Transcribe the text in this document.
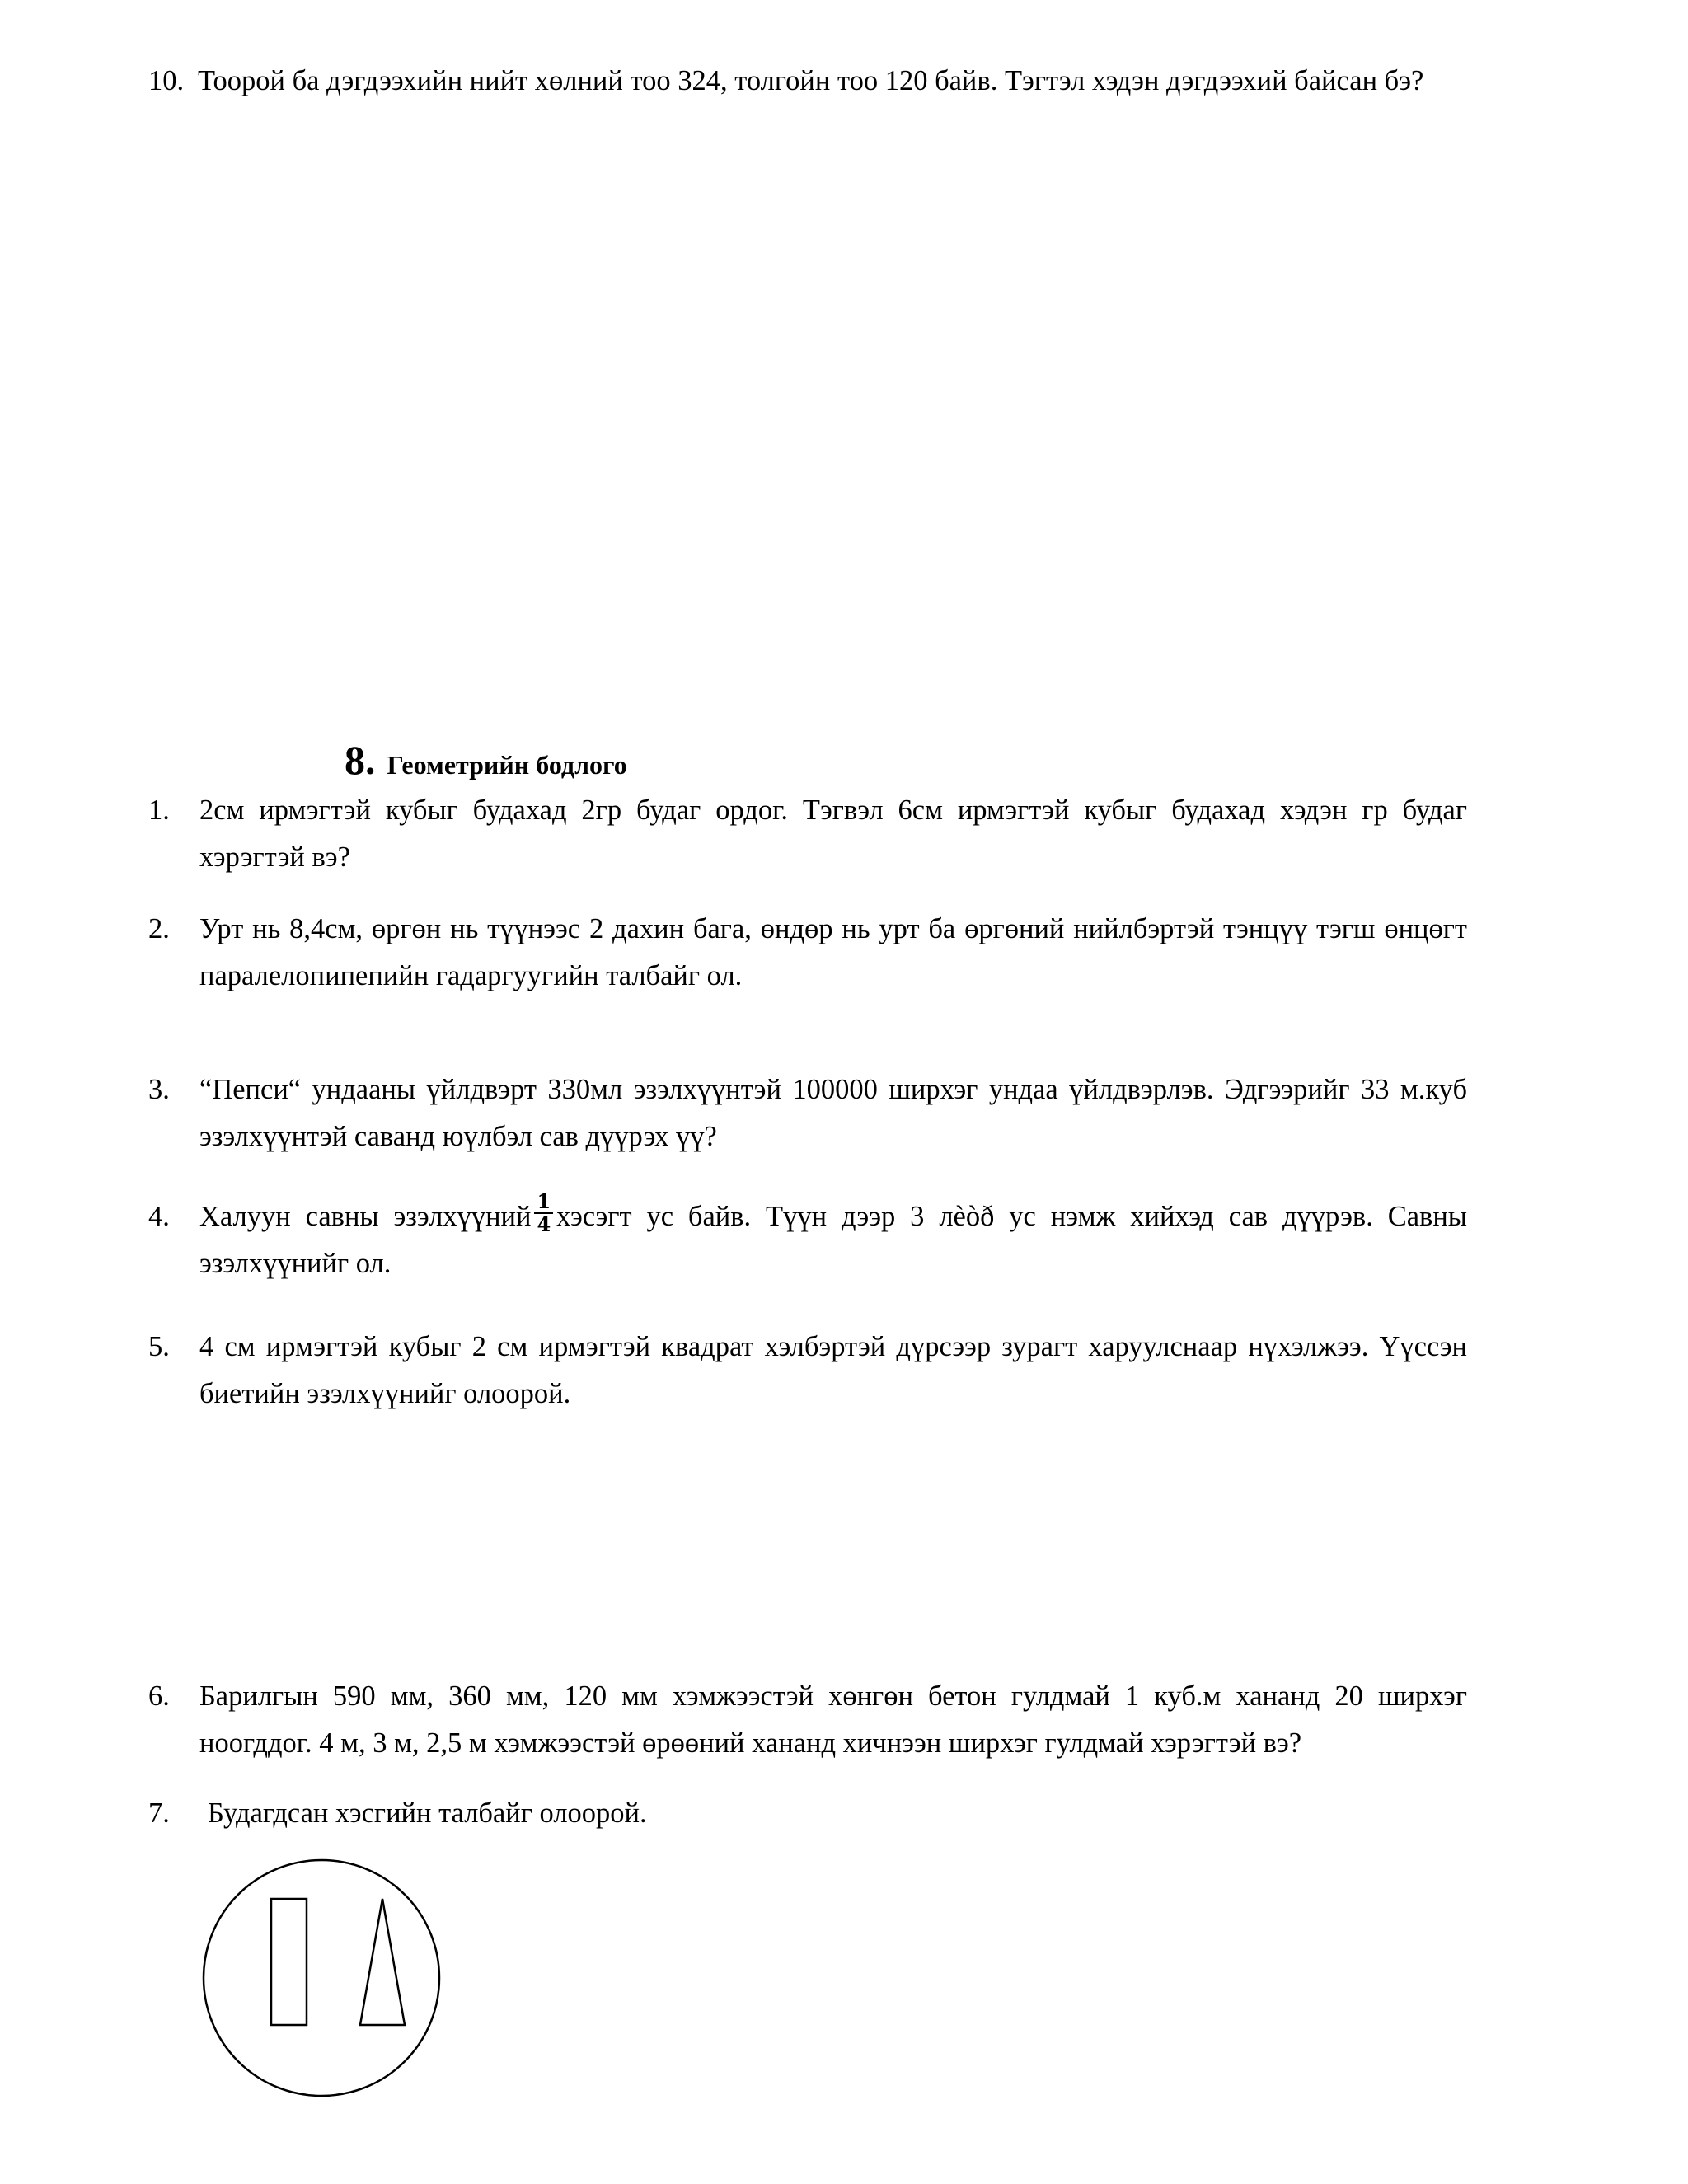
10. Тоорой ба дэгдээхийн нийт хөлний тоо 324, толгойн тоо 120 байв. Тэгтэл хэдэн дэгдээхий байсан бэ?
8. Геометрийн бодлого
1.	2см ирмэгтэй кубыг будахад 2гр будаг ордог. Тэгвэл 6см ирмэгтэй кубыг будахад хэдэн гр будаг хэрэгтэй вэ?
2.	Урт нь 8,4см, өргөн нь түүнээс 2 дахин бага, өндөр нь урт ба өргөний нийлбэртэй тэнцүү тэгш өнцөгт паралелопипепийн гадаргуугийн талбайг ол.
3.	“Пепси“ ундааны үйлдвэрт 330мл эзэлхүүнтэй 100000 ширхэг ундаа үйлдвэрлэв. Эдгээрийг 33 м.куб эзэлхүүнтэй саванд юүлбэл сав дүүрэх үү?
4.	Халуун савны эзэлхүүний $\frac{1}{4}$ хэсэгт ус байв. Түүн дээр 3 лèòð ус нэмж хийхэд сав дүүрэв. Савны эзэлхүүнийг ол.
5.	4 см ирмэгтэй кубыг 2 см ирмэгтэй квадрат хэлбэртэй дүрсээр зурагт харуулснаар нүхэлжээ. Үүссэн биетийн эзэлхүүнийг олоорой.
6.	Барилгын 590 мм, 360 мм, 120 мм хэмжээстэй хөнгөн бетон гулдмай 1 куб.м хананд 20 ширхэг ноогддог. 4 м, 3 м, 2,5 м хэмжээстэй өрөөний хананд хичнээн ширхэг гулдмай хэрэгтэй вэ?
7.	Будагдсан хэсгийн талбайг олоорой.
